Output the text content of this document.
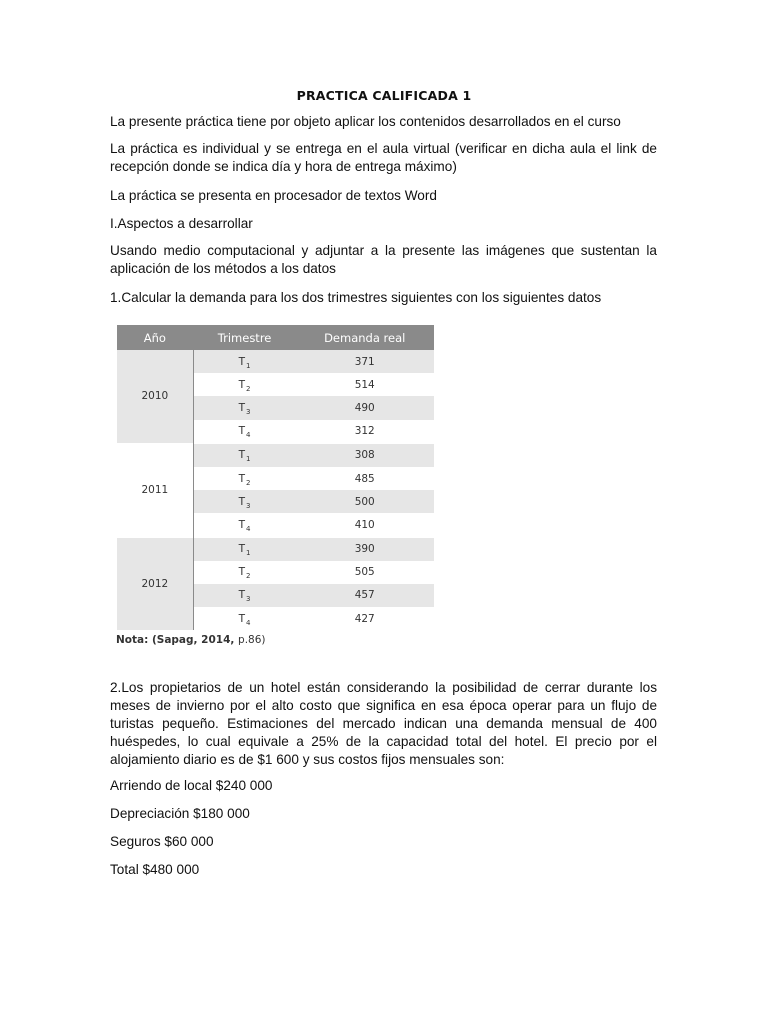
PRACTICA CALIFICADA 1

La presente práctica tiene por objeto aplicar los contenidos desarrollados en el curso

La práctica es individual y se entrega en el aula virtual (verificar en dicha aula el link de recepción donde se indica día y hora de entrega máximo)

La práctica se presenta en procesador de textos Word

I.Aspectos a desarrollar

Usando medio computacional y adjuntar a la presente las imágenes que sustentan la aplicación de los métodos a los datos

1.Calcular la demanda para los dos trimestres siguientes con los siguientes datos

Año	Trimestre	Demanda real
2010	$T_1$	371
	$T_2$	514
	$T_3$	490
	$T_4$	312
2011	$T_1$	308
	$T_2$	485
	$T_3$	500
	$T_4$	410
2012	$T_1$	390
	$T_2$	505
	$T_3$	457
	$T_4$	427
Nota: (Sapag, 2014, p.86)

2.Los propietarios de un hotel están considerando la posibilidad de cerrar durante los meses de invierno por el alto costo que significa en esa época operar para un flujo de turistas pequeño. Estimaciones del mercado indican una demanda mensual de 400 huéspedes, lo cual equivale a 25% de la capacidad total del hotel. El precio por el alojamiento diario es de $1 600 y sus costos fijos mensuales son:

Arriendo de local $240 000

Depreciación $180 000

Seguros $60 000

Total $480 000
